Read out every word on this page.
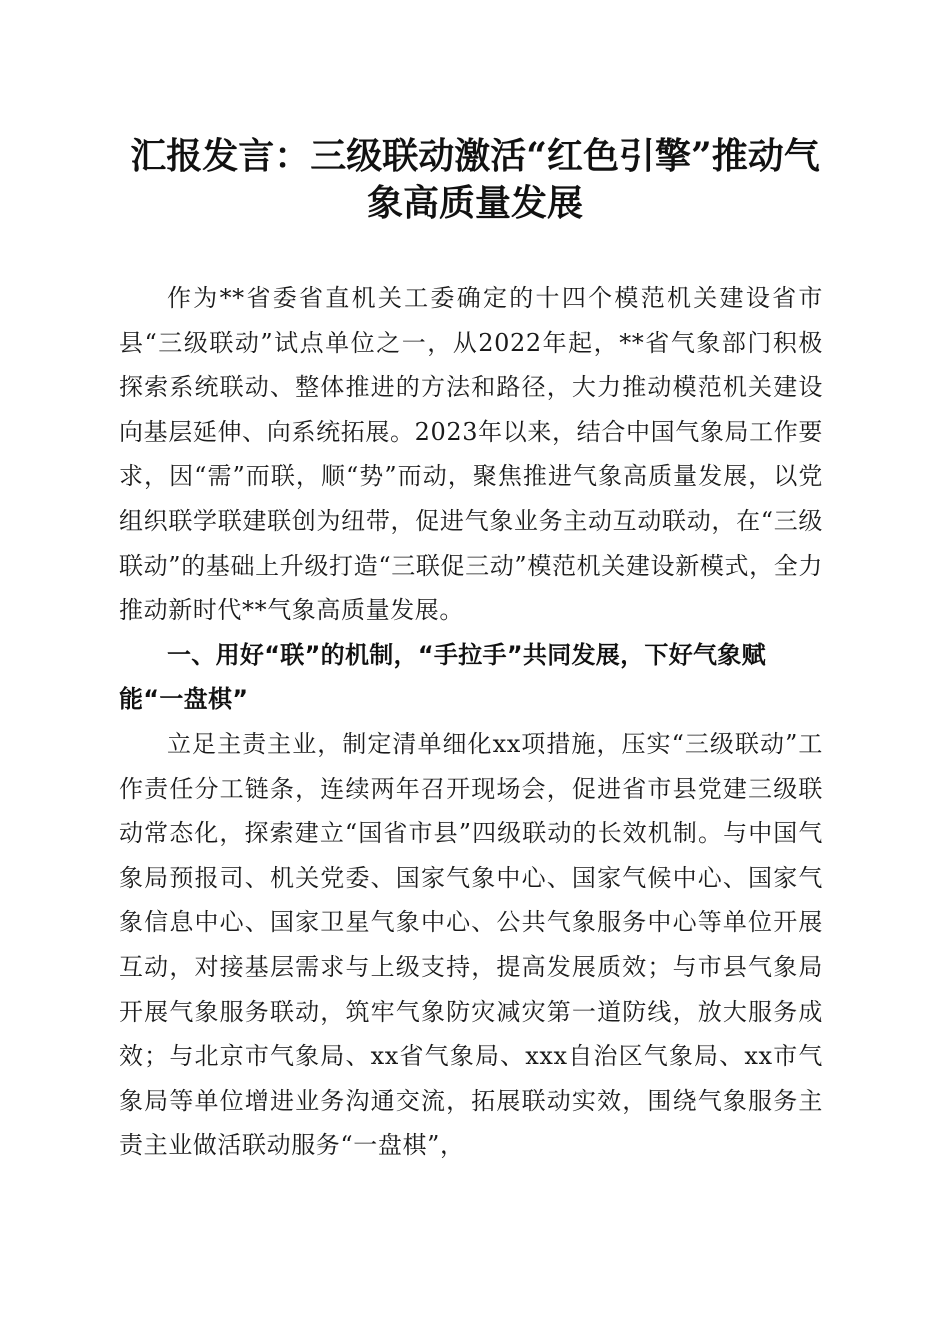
汇报发言：三级联动激活“红色引擎”推动气
象高质量发展

作为**省委省直机关工委确定的十四个模范机关建设省市县“三级联动”试点单位之一，从2022年起，**省气象部门积极探索系统联动、整体推进的方法和路径，大力推动模范机关建设向基层延伸、向系统拓展。2023年以来，结合中国气象局工作要求，因“需”而联，顺“势”而动，聚焦推进气象高质量发展，以党组织联学联建联创为纽带，促进气象业务主动互动联动，在“三级联动”的基础上升级打造“三联促三动”模范机关建设新模式，全力推动新时代**气象高质量发展。

一、用好“联”的机制，“手拉手”共同发展，下好气象赋能“一盘棋”

立足主责主业，制定清单细化xx项措施，压实“三级联动”工作责任分工链条，连续两年召开现场会，促进省市县党建三级联动常态化，探索建立“国省市县”四级联动的长效机制。与中国气象局预报司、机关党委、国家气象中心、国家气候中心、国家气象信息中心、国家卫星气象中心、公共气象服务中心等单位开展互动，对接基层需求与上级支持，提高发展质效；与市县气象局开展气象服务联动，筑牢气象防灾减灾第一道防线，放大服务成效；与北京市气象局、xx省气象局、xxx自治区气象局、xx市气象局等单位增进业务沟通交流，拓展联动实效，围绕气象服务主责主业做活联动服务“一盘棋”，
